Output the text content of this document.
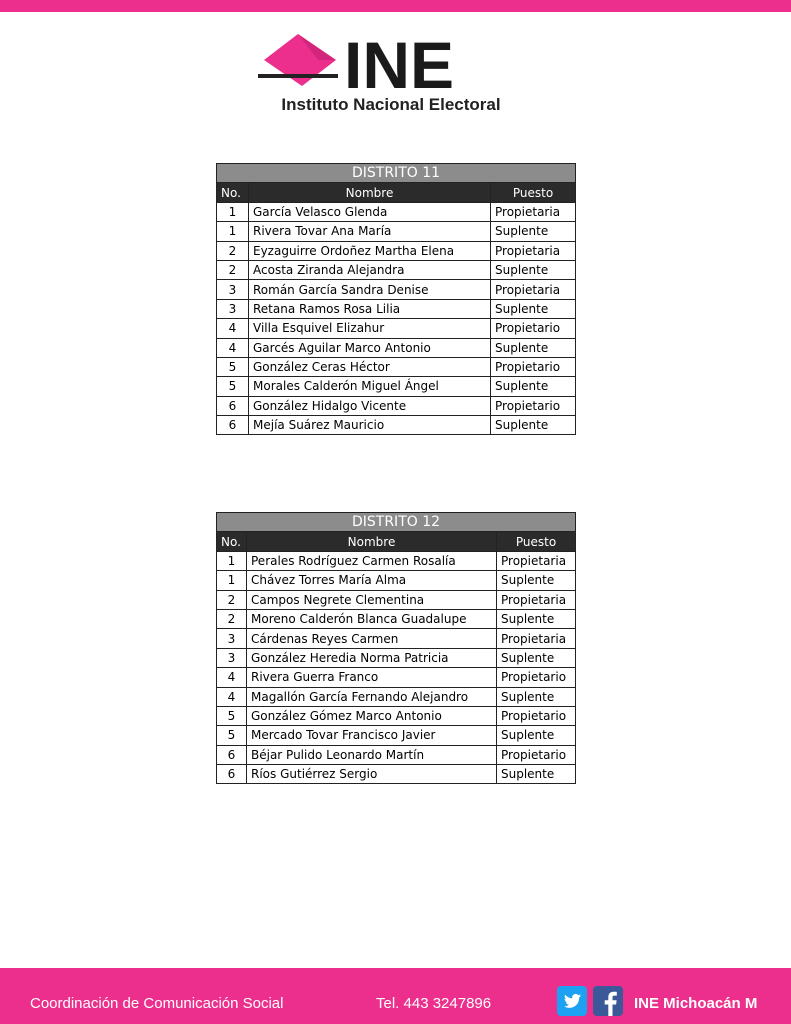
INE
Instituto Nacional Electoral
DISTRITO 11		
No.	Nombre	Puesto
1	García Velasco Glenda	Propietaria
1	Rivera Tovar Ana María	Suplente
2	Eyzaguirre Ordoñez Martha Elena	Propietaria
2	Acosta Ziranda Alejandra	Suplente
3	Román García Sandra Denise	Propietaria
3	Retana Ramos Rosa Lilia	Suplente
4	Villa Esquivel Elizahur	Propietario
4	Garcés Aguilar Marco Antonio	Suplente
5	González Ceras Héctor	Propietario
5	Morales Calderón Miguel Ángel	Suplente
6	González Hidalgo Vicente	Propietario
6	Mejía Suárez Mauricio	Suplente
DISTRITO 12		
No.	Nombre	Puesto
1	Perales Rodríguez Carmen Rosalía	Propietaria
1	Chávez Torres María Alma	Suplente
2	Campos Negrete Clementina	Propietaria
2	Moreno Calderón Blanca Guadalupe	Suplente
3	Cárdenas Reyes Carmen	Propietaria
3	González Heredia Norma Patricia	Suplente
4	Rivera Guerra Franco	Propietario
4	Magallón García Fernando Alejandro	Suplente
5	González Gómez Marco Antonio	Propietario
5	Mercado Tovar Francisco Javier	Suplente
6	Béjar Pulido Leonardo Martín	Propietario
6	Ríos Gutiérrez Sergio	Suplente
Coordinación de Comunicación Social	Tel. 443 3247896	INE Michoacán M
